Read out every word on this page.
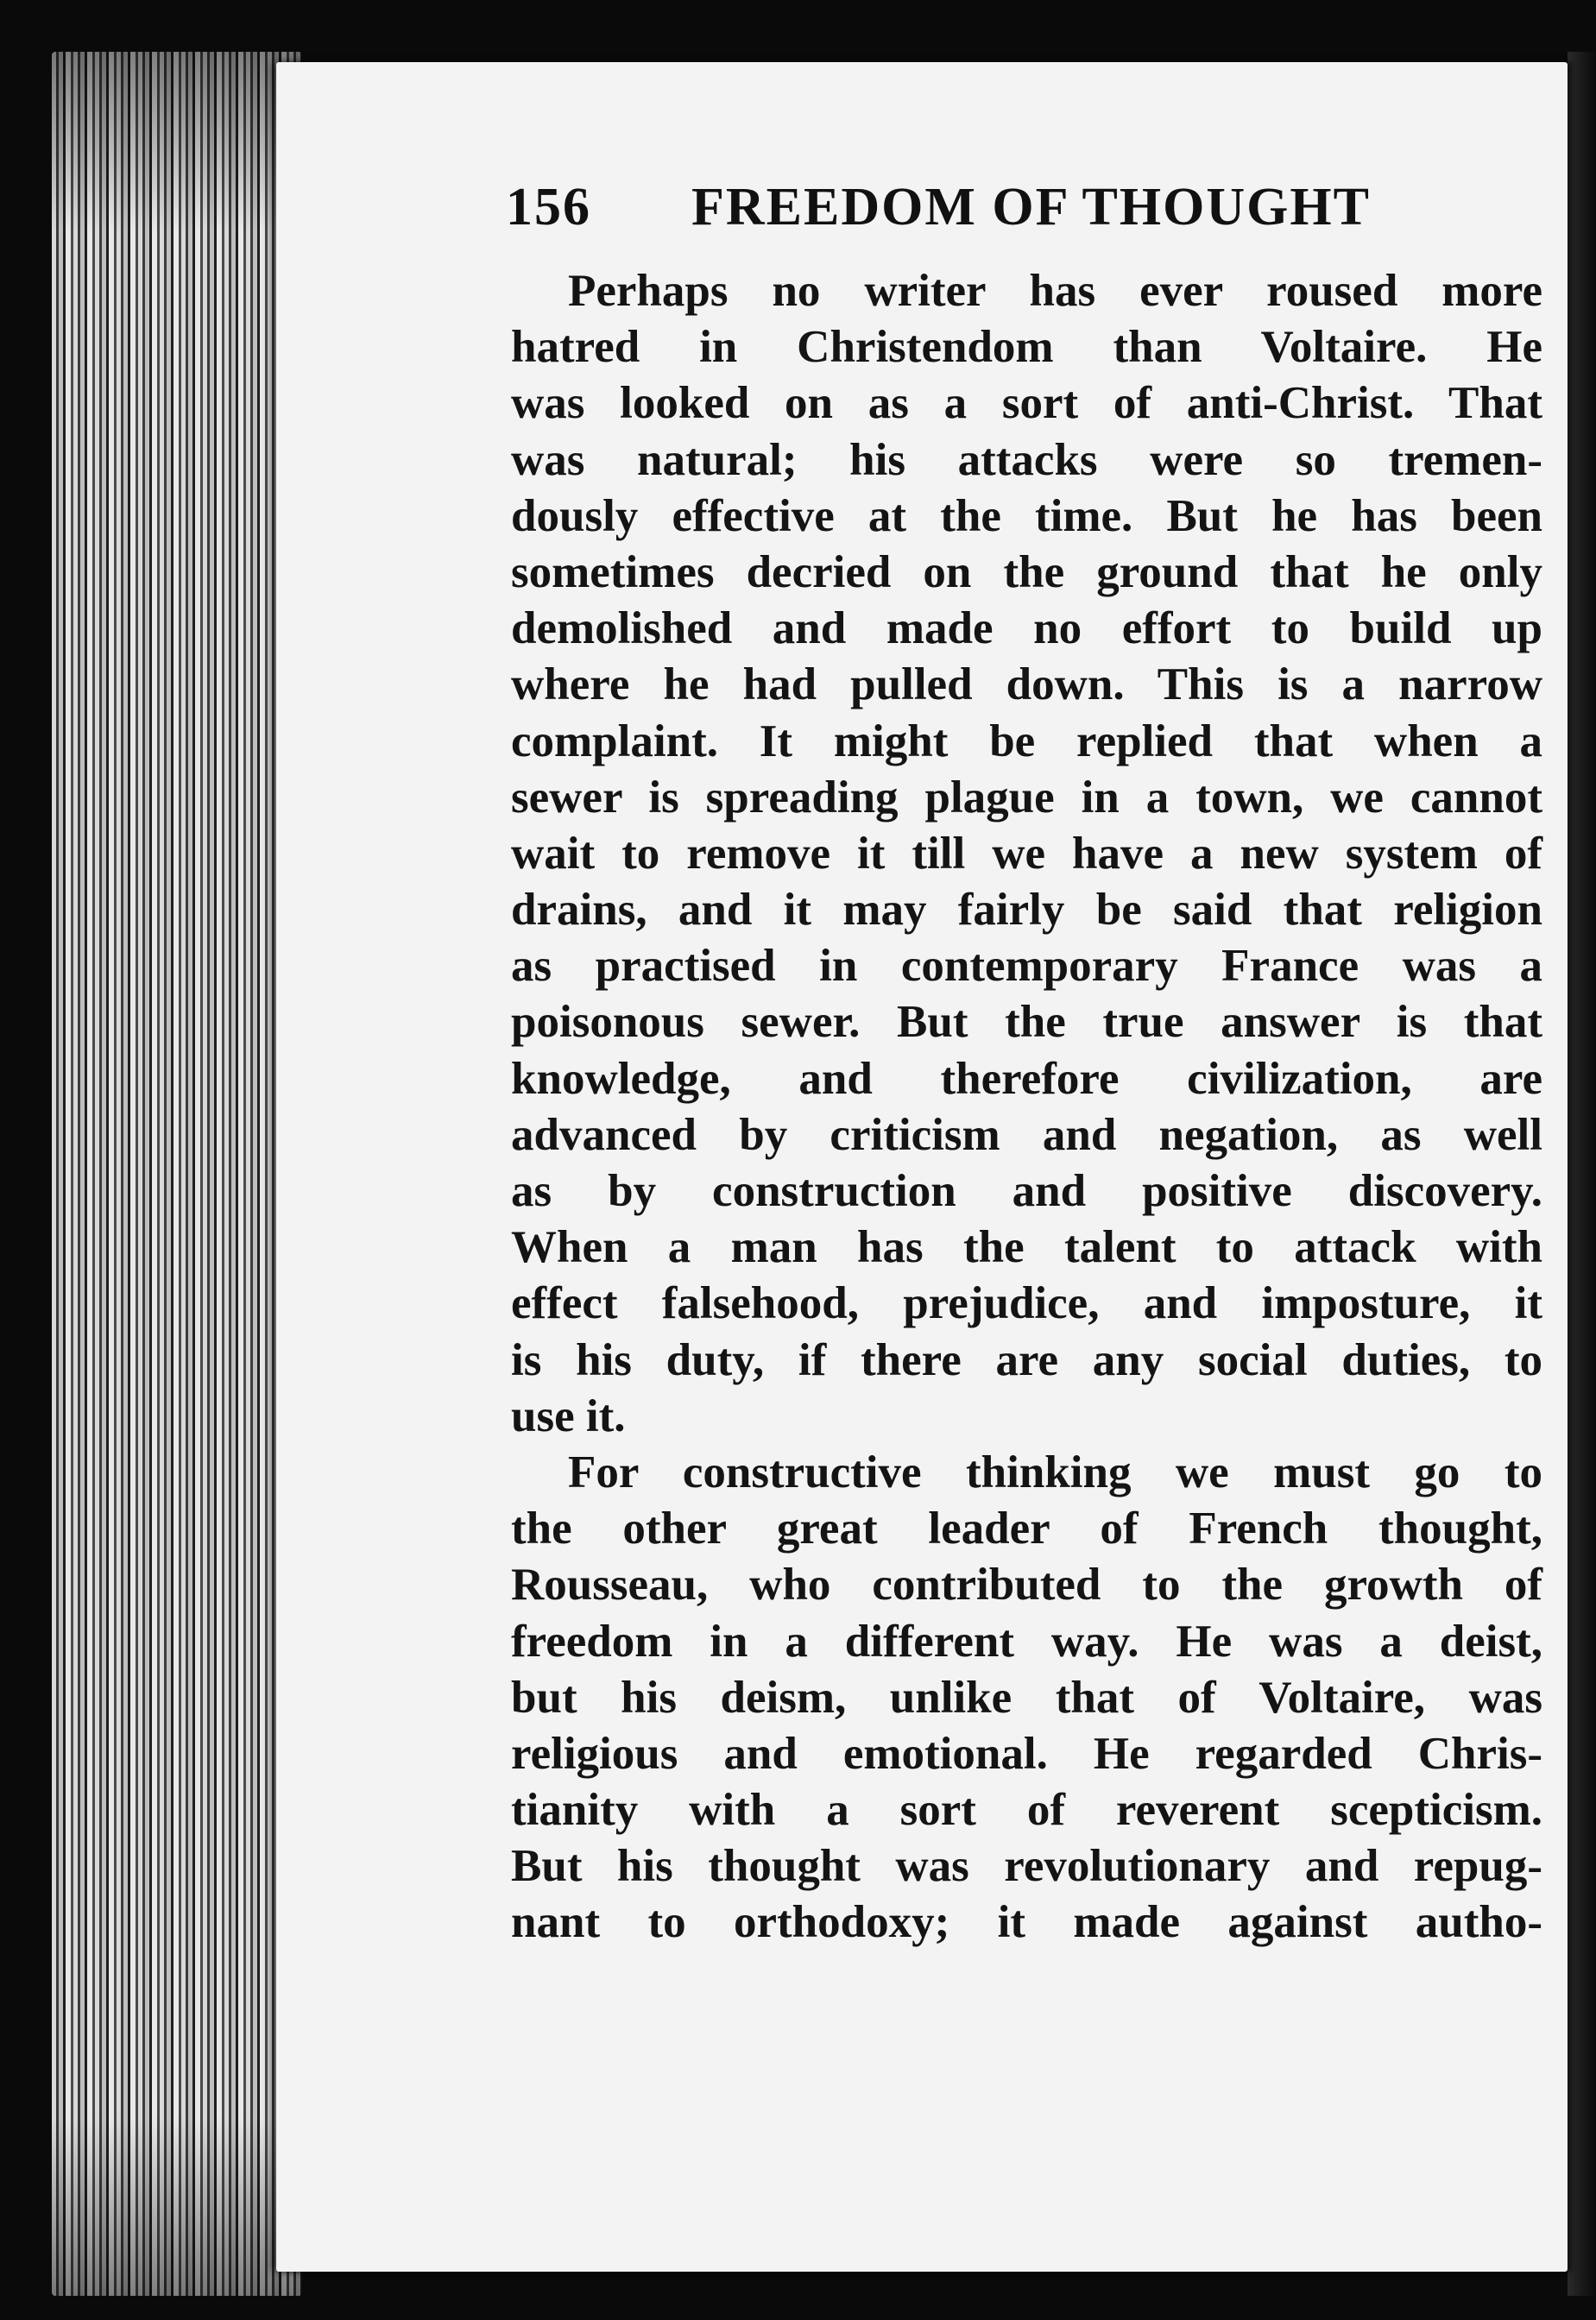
156 FREEDOM OF THOUGHT
Perhaps no writer has ever roused more
hatred in Christendom than Voltaire. He
was looked on as a sort of anti-Christ. That
was natural; his attacks were so tremen-
dously effective at the time. But he has been
sometimes decried on the ground that he only
demolished and made no effort to build up
where he had pulled down. This is a narrow
complaint. It might be replied that when a
sewer is spreading plague in a town, we cannot
wait to remove it till we have a new system of
drains, and it may fairly be said that religion
as practised in contemporary France was a
poisonous sewer. But the true answer is that
knowledge, and therefore civilization, are
advanced by criticism and negation, as well
as by construction and positive discovery.
When a man has the talent to attack with
effect falsehood, prejudice, and imposture, it
is his duty, if there are any social duties, to
use it.
For constructive thinking we must go to
the other great leader of French thought,
Rousseau, who contributed to the growth of
freedom in a different way. He was a deist,
but his deism, unlike that of Voltaire, was
religious and emotional. He regarded Chris-
tianity with a sort of reverent scepticism.
But his thought was revolutionary and repug-
nant to orthodoxy; it made against autho-
